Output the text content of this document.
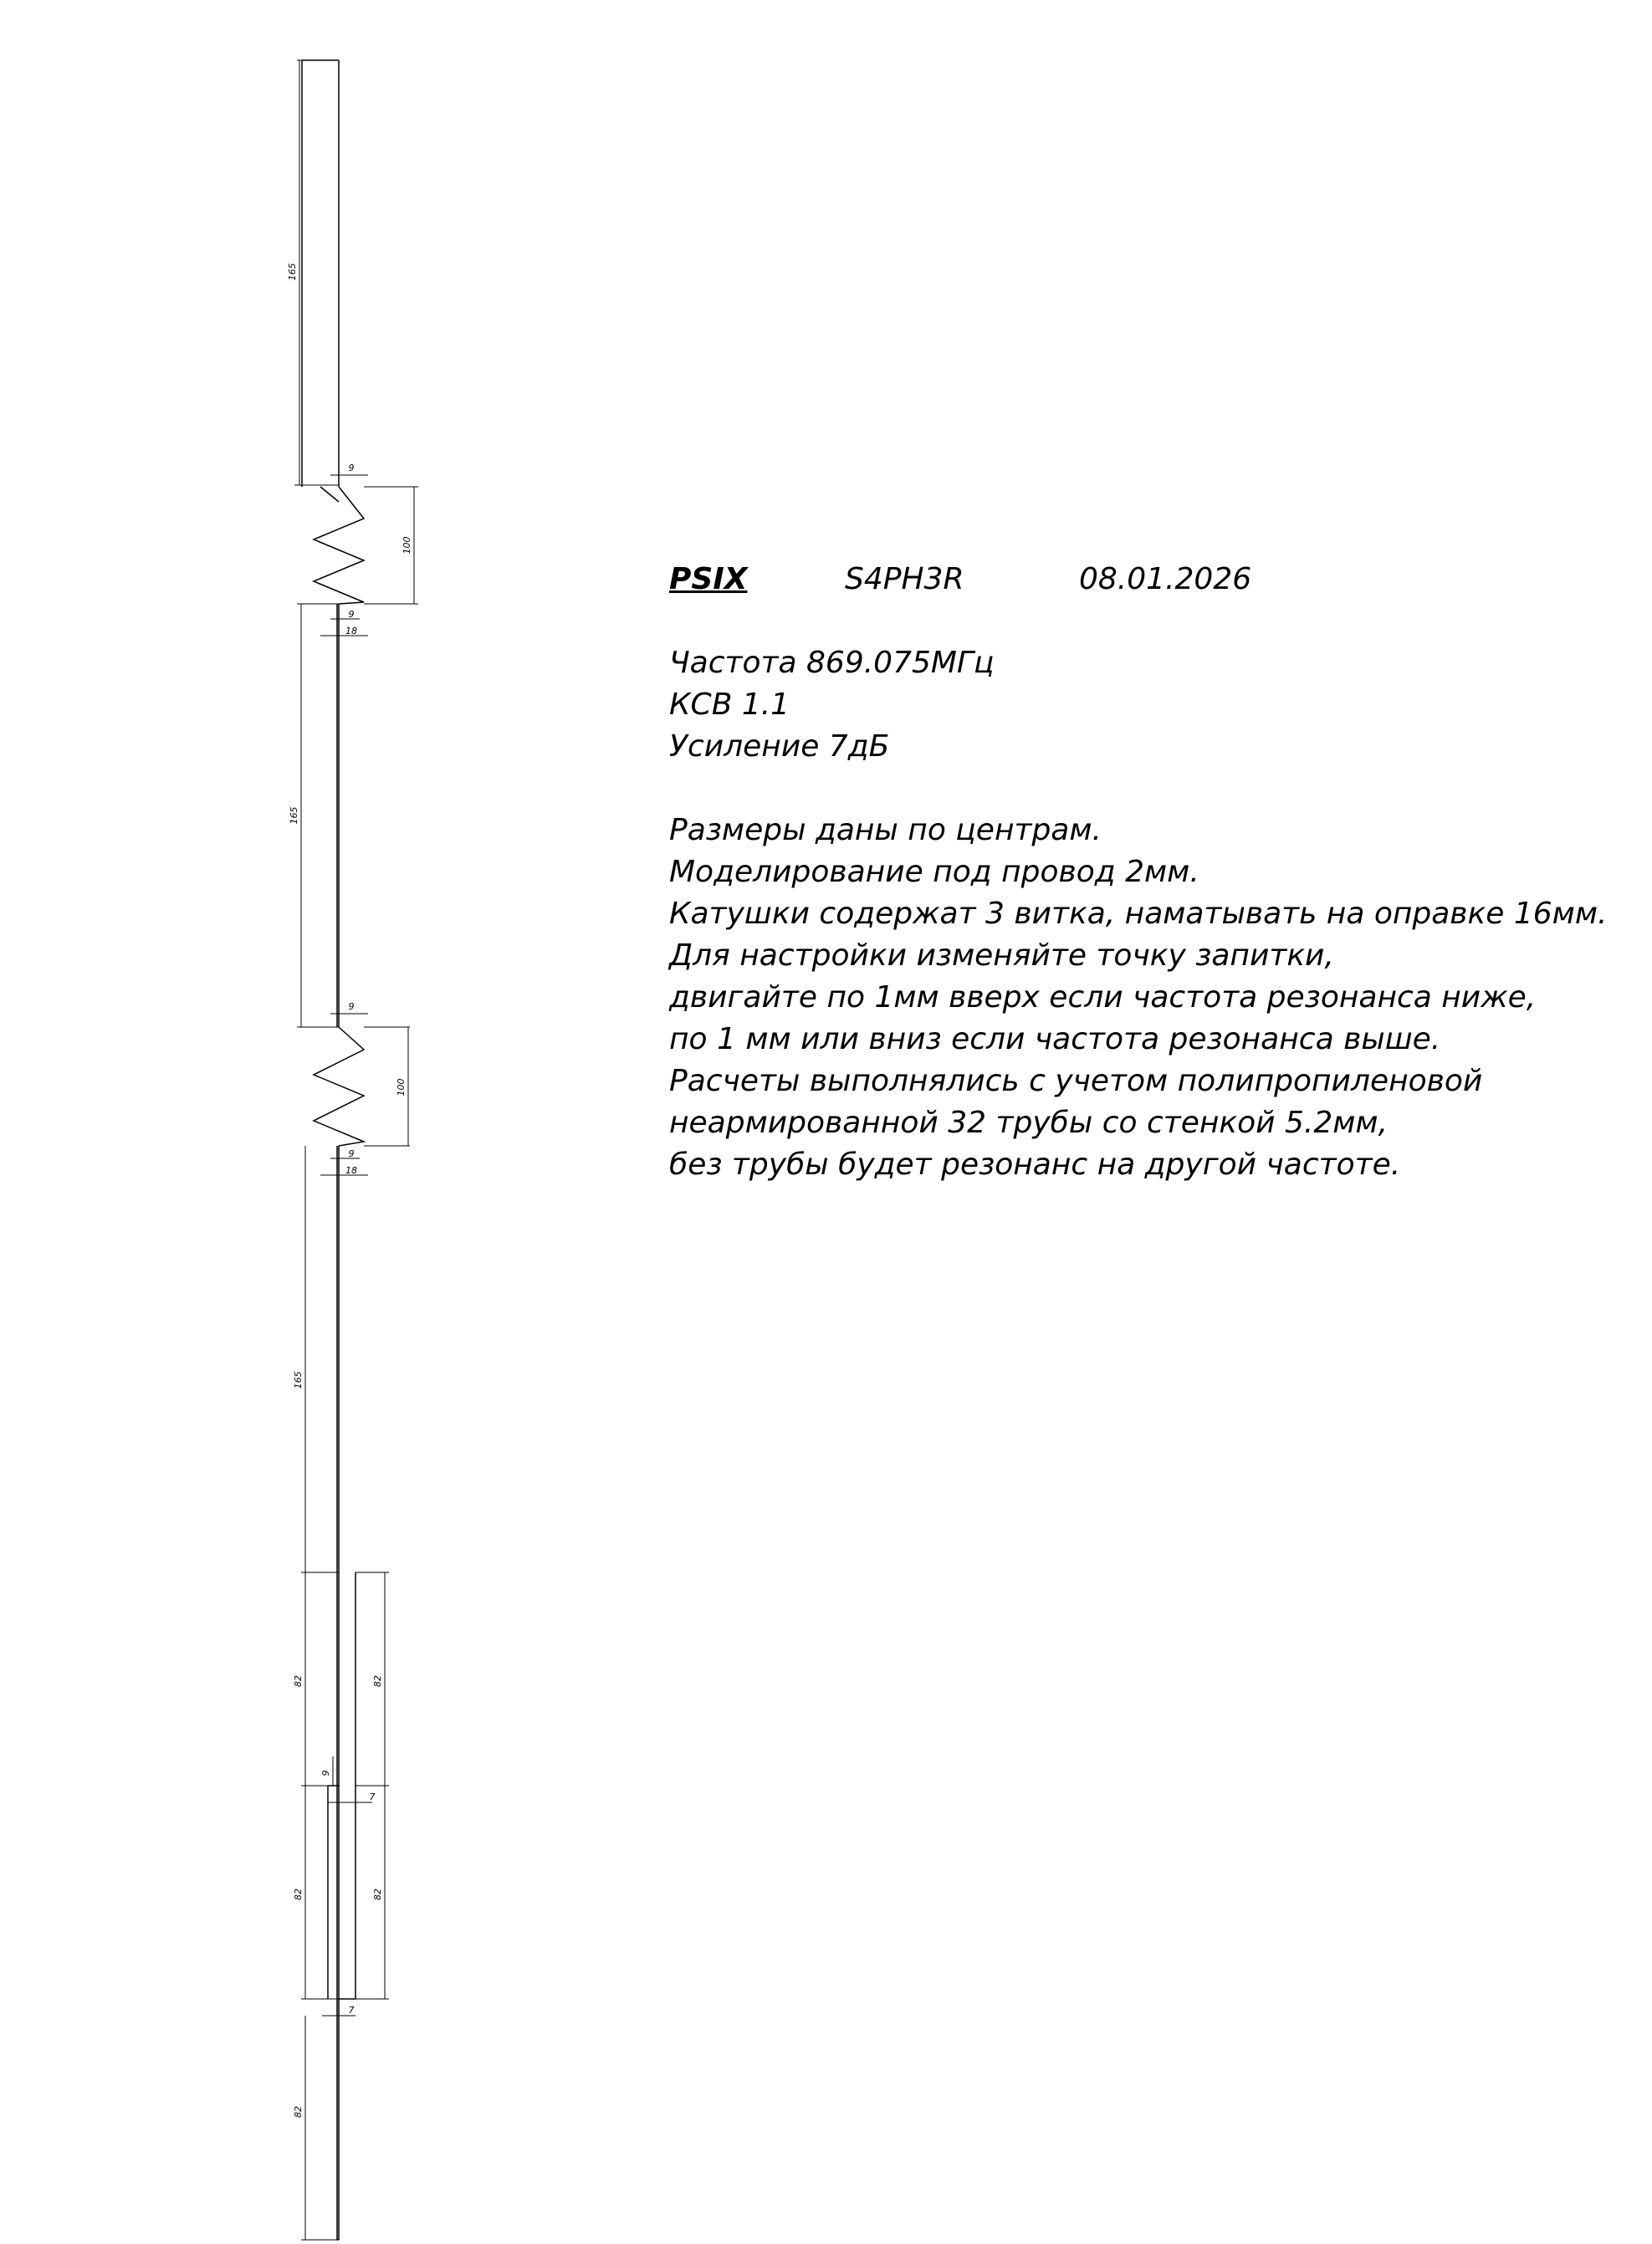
165
9
100
9
18
165
9
100
9
18
165
82	82
9
7
82	82
7
82
PSIX	S4PH3R	08.01.2026
Частота 869.075МГц
КСВ 1.1
Усиление 7дБ
Размеры даны по центрам.
Моделирование под провод 2мм.
Катушки содержат 3 витка, наматывать на оправке 16мм.
Для настройки изменяйте точку запитки,
двигайте по 1мм вверх если частота резонанса ниже,
по 1 мм или вниз если частота резонанса выше.
Расчеты выполнялись с учетом полипропиленовой
неармированной 32 трубы со стенкой 5.2мм,
без трубы будет резонанс на другой частоте.
